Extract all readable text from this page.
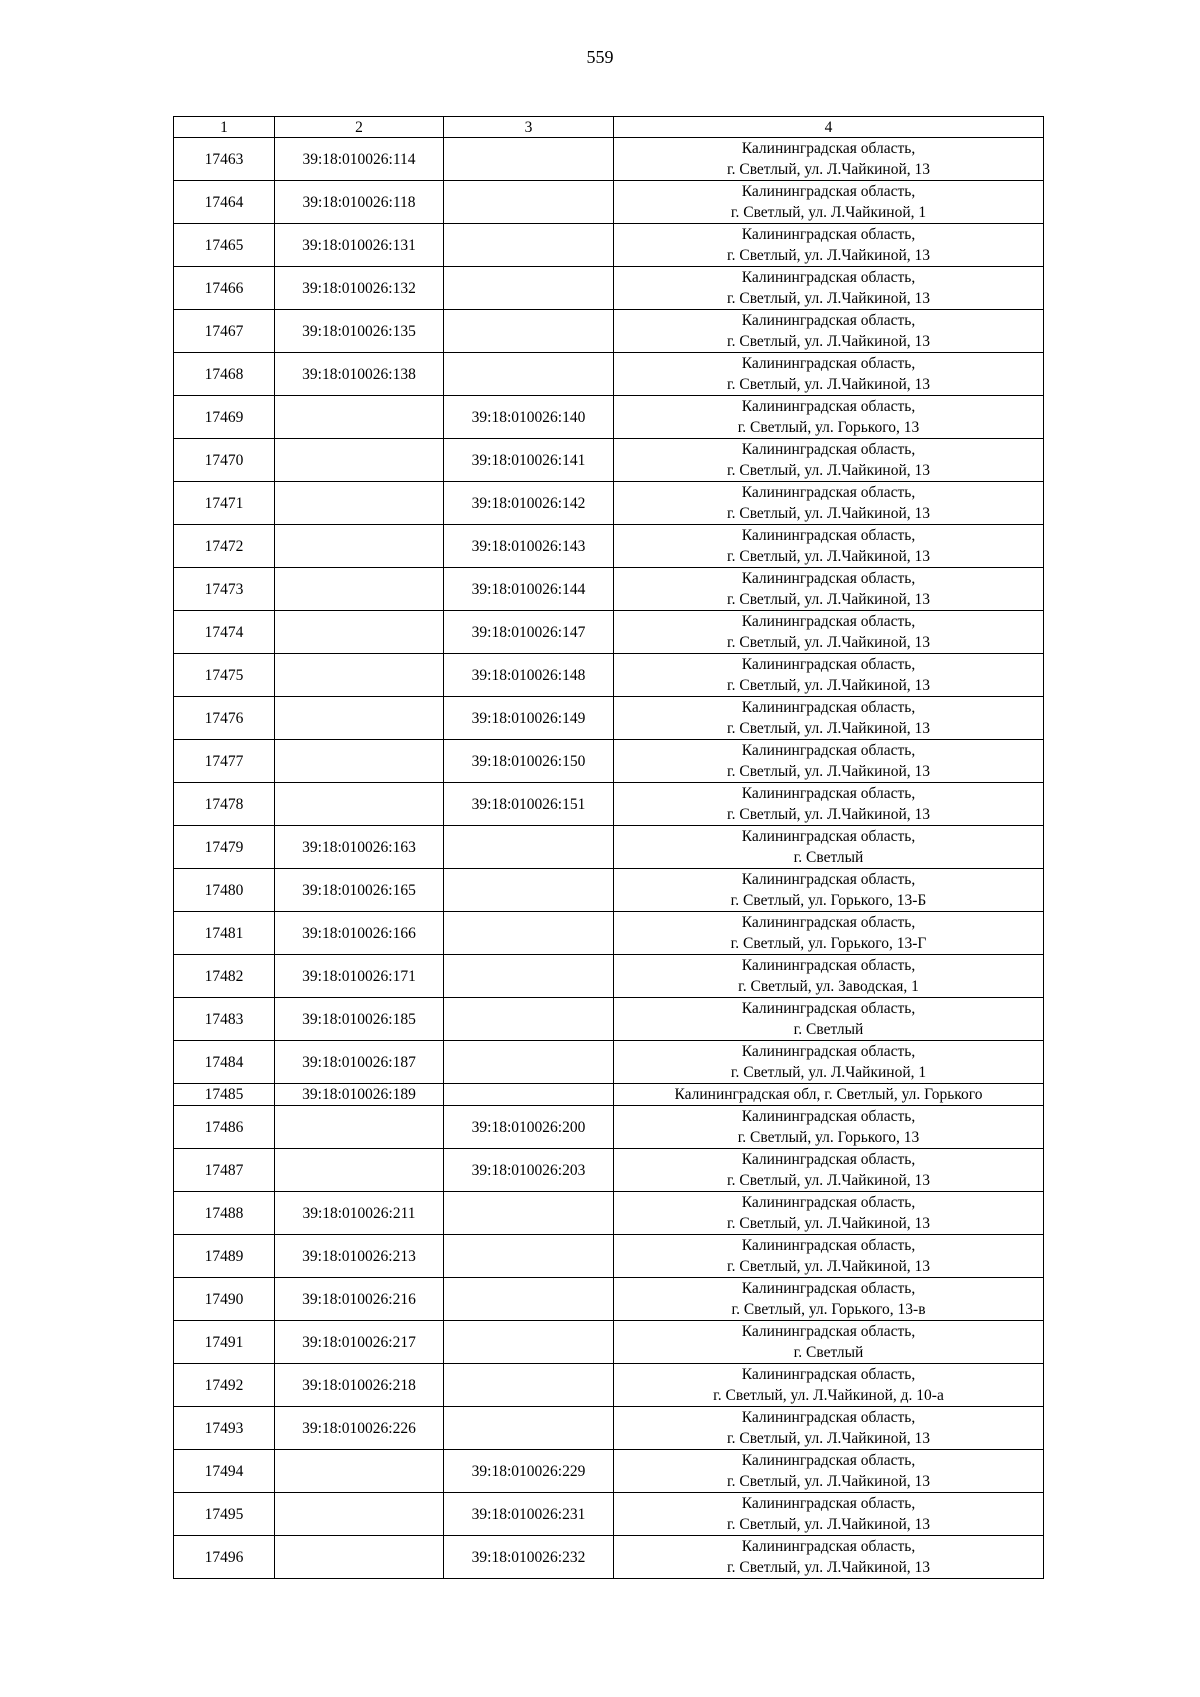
559
1	2	3	4
17463	39:18:010026:114		Калининградская область,
г. Светлый, ул. Л.Чайкиной, 13

17464	39:18:010026:118		Калининградская область,
г. Светлый, ул. Л.Чайкиной, 1

17465	39:18:010026:131		Калининградская область,
г. Светлый, ул. Л.Чайкиной, 13

17466	39:18:010026:132		Калининградская область,
г. Светлый, ул. Л.Чайкиной, 13

17467	39:18:010026:135		Калининградская область,
г. Светлый, ул. Л.Чайкиной, 13

17468	39:18:010026:138		Калининградская область,
г. Светлый, ул. Л.Чайкиной, 13

17469		39:18:010026:140	Калининградская область,
г. Светлый, ул. Горького, 13

17470		39:18:010026:141	Калининградская область,
г. Светлый, ул. Л.Чайкиной, 13

17471		39:18:010026:142	Калининградская область,
г. Светлый, ул. Л.Чайкиной, 13

17472		39:18:010026:143	Калининградская область,
г. Светлый, ул. Л.Чайкиной, 13

17473		39:18:010026:144	Калининградская область,
г. Светлый, ул. Л.Чайкиной, 13

17474		39:18:010026:147	Калининградская область,
г. Светлый, ул. Л.Чайкиной, 13

17475		39:18:010026:148	Калининградская область,
г. Светлый, ул. Л.Чайкиной, 13

17476		39:18:010026:149	Калининградская область,
г. Светлый, ул. Л.Чайкиной, 13

17477		39:18:010026:150	Калининградская область,
г. Светлый, ул. Л.Чайкиной, 13

17478		39:18:010026:151	Калининградская область,
г. Светлый, ул. Л.Чайкиной, 13

17479	39:18:010026:163		Калининградская область,
г. Светлый

17480	39:18:010026:165		Калининградская область,
г. Светлый, ул. Горького, 13-Б

17481	39:18:010026:166		Калининградская область,
г. Светлый, ул. Горького, 13-Г

17482	39:18:010026:171		Калининградская область,
г. Светлый, ул. Заводская, 1

17483	39:18:010026:185		Калининградская область,
г. Светлый

17484	39:18:010026:187		Калининградская область,
г. Светлый, ул. Л.Чайкиной, 1

17485	39:18:010026:189		Калининградская обл, г. Светлый, ул. Горького

17486		39:18:010026:200	Калининградская область,
г. Светлый, ул. Горького, 13

17487		39:18:010026:203	Калининградская область,
г. Светлый, ул. Л.Чайкиной, 13

17488	39:18:010026:211		Калининградская область,
г. Светлый, ул. Л.Чайкиной, 13

17489	39:18:010026:213		Калининградская область,
г. Светлый, ул. Л.Чайкиной, 13

17490	39:18:010026:216		Калининградская область,
г. Светлый, ул. Горького, 13-в

17491	39:18:010026:217		Калининградская область,
г. Светлый

17492	39:18:010026:218		Калининградская область,
г. Светлый, ул. Л.Чайкиной, д. 10-а

17493	39:18:010026:226		Калининградская область,
г. Светлый, ул. Л.Чайкиной, 13

17494		39:18:010026:229	Калининградская область,
г. Светлый, ул. Л.Чайкиной, 13

17495		39:18:010026:231	Калининградская область,
г. Светлый, ул. Л.Чайкиной, 13

17496		39:18:010026:232	Калининградская область,
г. Светлый, ул. Л.Чайкиной, 13
